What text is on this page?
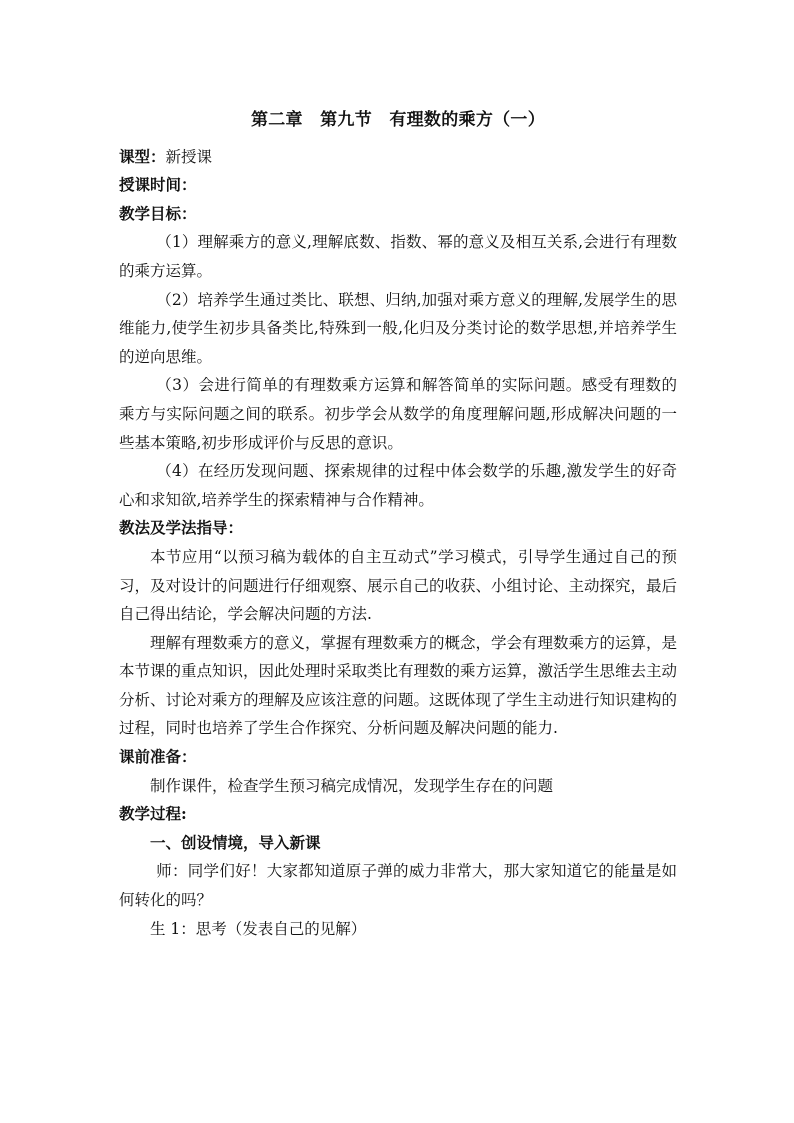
第二章　第九节　有理数的乘方（一）

课型：新授课

授课时间：

教学目标：

（1）理解乘方的意义,理解底数、指数、幂的意义及相互关系,会进行有理数的乘方运算。

（2）培养学生通过类比、联想、归纳,加强对乘方意义的理解,发展学生的思维能力,使学生初步具备类比,特殊到一般,化归及分类讨论的数学思想,并培养学生的逆向思维。

（3）会进行简单的有理数乘方运算和解答简单的实际问题。感受有理数的乘方与实际问题之间的联系。初步学会从数学的角度理解问题,形成解决问题的一些基本策略,初步形成评价与反思的意识。

（4）在经历发现问题、探索规律的过程中体会数学的乐趣,激发学生的好奇心和求知欲,培养学生的探索精神与合作精神。

教法及学法指导：

本节应用“以预习稿为载体的自主互动式”学习模式，引导学生通过自己的预习，及对设计的问题进行仔细观察、展示自己的收获、小组讨论、主动探究，最后自己得出结论，学会解决问题的方法.

理解有理数乘方的意义，掌握有理数乘方的概念，学会有理数乘方的运算，是本节课的重点知识，因此处理时采取类比有理数的乘方运算，激活学生思维去主动分析、讨论对乘方的理解及应该注意的问题。这既体现了学生主动进行知识建构的过程，同时也培养了学生合作探究、分析问题及解决问题的能力.

课前准备：

制作课件，检查学生预习稿完成情况，发现学生存在的问题

教学过程:

一、创设情境，导入新课

师：同学们好！大家都知道原子弹的威力非常大，那大家知道它的能量是如何转化的吗？

生 1：思考（发表自己的见解）
